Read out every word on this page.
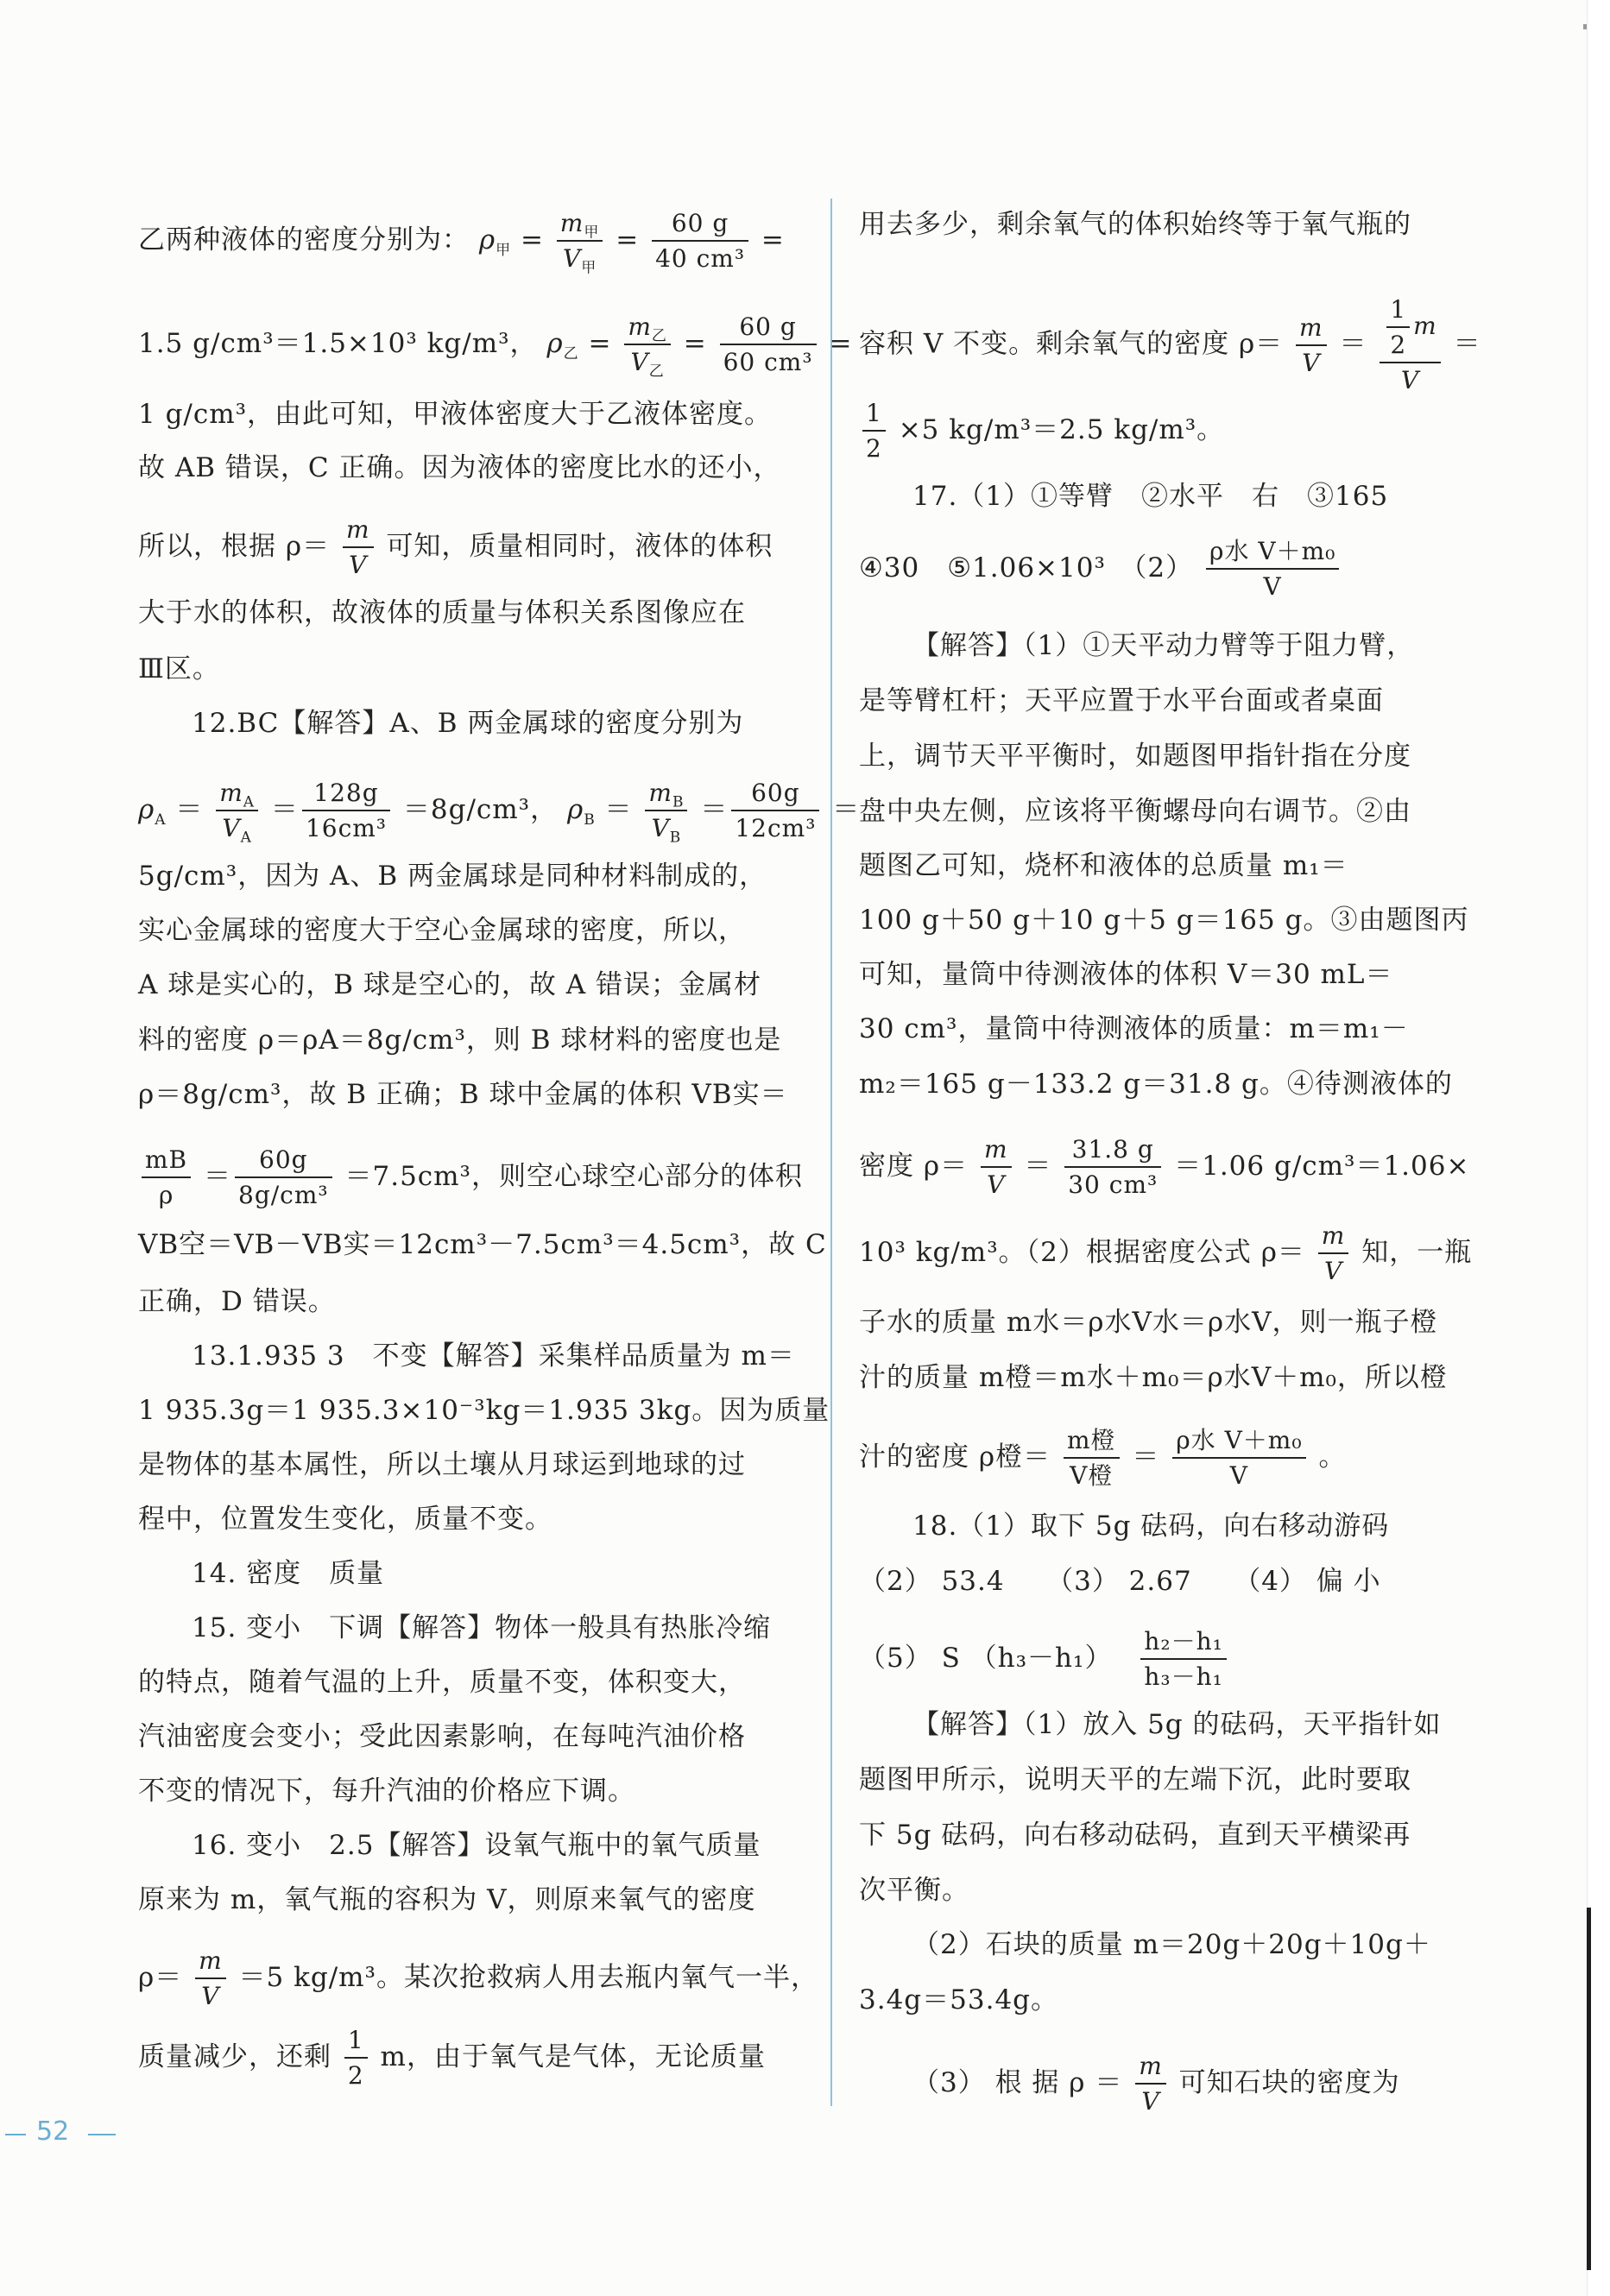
乙两种液体的密度分别为： $\rho_甲 = \frac{m_甲}{V_甲} = \frac{60 g}{\text{40 cm³}}$ =
1.5 g/cm³＝1.5×10³ kg/m³， $\rho_乙 = \frac{m_乙}{V_乙} = \frac{60 g}{\text{60 cm³}}$ =
1 g/cm³，由此可知，甲液体密度大于乙液体密度。
故 AB 错误，C 正确。因为液体的密度比水的还小，
所以，根据 $\rho= \frac{m}{V}$ 可知，质量相同时，液体的体积
大于水的体积，故液体的质量与体积关系图像应在
Ⅲ区。
12.BC【解答】A、B 两金属球的密度分别为
$\rho_A = \frac{m_A}{V_A} = \frac{128g}{\text{16cm³}} =8g/cm^3$， $\rho_B = \frac{m_B}{V_B} = \frac{60g}{\text{12cm³}}$ ＝
5g/cm³，因为 A、B 两金属球是同种材料制成的，
实心金属球的密度大于空心金属球的密度，所以，
A 球是实心的，B 球是空心的，故 A 错误；金属材
料的密度 ρ＝ρA＝8g/cm³，则 B 球材料的密度也是
ρ＝8g/cm³，故 B 正确；B 球中金属的体积 VB实＝
$\frac{mB}{\rho} = \frac{60g}{\text{8g/cm³}} =7.5cm^3$，则空心球空心部分的体积
VB空＝VB－VB实＝12cm³－7.5cm³＝4.5cm³，故 C
正确，D 错误。
13.1.935 3　不变【解答】采集样品质量为 m＝
1 935.3g＝1 935.3×10⁻³kg＝1.935 3kg。因为质量
是物体的基本属性，所以土壤从月球运到地球的过
程中，位置发生变化，质量不变。
14. 密度　质量
15. 变小　下调【解答】物体一般具有热胀冷缩
的特点，随着气温的上升，质量不变，体积变大，
汽油密度会变小；受此因素影响，在每吨汽油价格
不变的情况下，每升汽油的价格应下调。
16. 变小　2.5【解答】设氧气瓶中的氧气质量
原来为 m，氧气瓶的容积为 V，则原来氧气的密度
$\rho= \frac{m}{V} =5$ kg/m³。某次抢救病人用去瓶内氧气一半，
质量减少，还剩 $\frac{1}{2}$ m，由于氧气是气体，无论质量
用去多少，剩余氧气的体积始终等于氧气瓶的
容积 V 不变。剩余氧气的密度 $\rho= \frac{m}{V} = \frac{\frac{1}{2} m}{V}$ ＝
$\frac{1}{2} \times 5$ kg/m³＝2.5 kg/m³。
17.（1）①等臂　②水平　右　③165
④30　⑤1.06×10³　$(2) \frac{\text{ρ水 V＋m₀}}{V}$
【解答】（1）①天平动力臂等于阻力臂，
是等臂杠杆；天平应置于水平台面或者桌面
上，调节天平平衡时，如题图甲指针指在分度
盘中央左侧，应该将平衡螺母向右调节。②由
题图乙可知，烧杯和液体的总质量 m₁＝
100 g＋50 g＋10 g＋5 g＝165 g。③由题图丙
可知，量筒中待测液体的体积 V＝30 mL＝
30 cm³，量筒中待测液体的质量：m＝m₁－
m₂＝165 g－133.2 g＝31.8 g。④待测液体的
密度 $\rho= \frac{m}{V} = \frac{31.8 g}{\text{30 cm³}} =1.06$ g/cm³＝1.06×
10³ kg/m³。（2）根据密度公式 $\rho= \frac{m}{V}$ 知，一瓶
子水的质量 m水＝ρ水V水＝ρ水V，则一瓶子橙
汁的质量 m橙＝m水＋m₀＝ρ水V＋m₀，所以橙
汁的密度 ρ橙＝ $\frac{\text{m橙}}{\text{V橙}} = \frac{\text{ρ水 V＋m₀}}{V}$ 。
18.（1）取下 5g 砝码，向右移动游码
（2） 53.4　　（3） 2.67　　（4） 偏 小
（5） S $(h_3-h_1) \frac{\text{h₂－h₁}}{\text{h₃－h₁}}$
【解答】（1）放入 5g 的砝码，天平指针如
题图甲所示，说明天平的左端下沉，此时要取
下 5g 砝码，向右移动砝码，直到天平横梁再
次平衡。
（2）石块的质量 m＝20g＋20g＋10g＋
3.4g＝53.4g。
（3） 根 据 $\rho = \frac{m}{V}$ 可知石块的密度为
52
